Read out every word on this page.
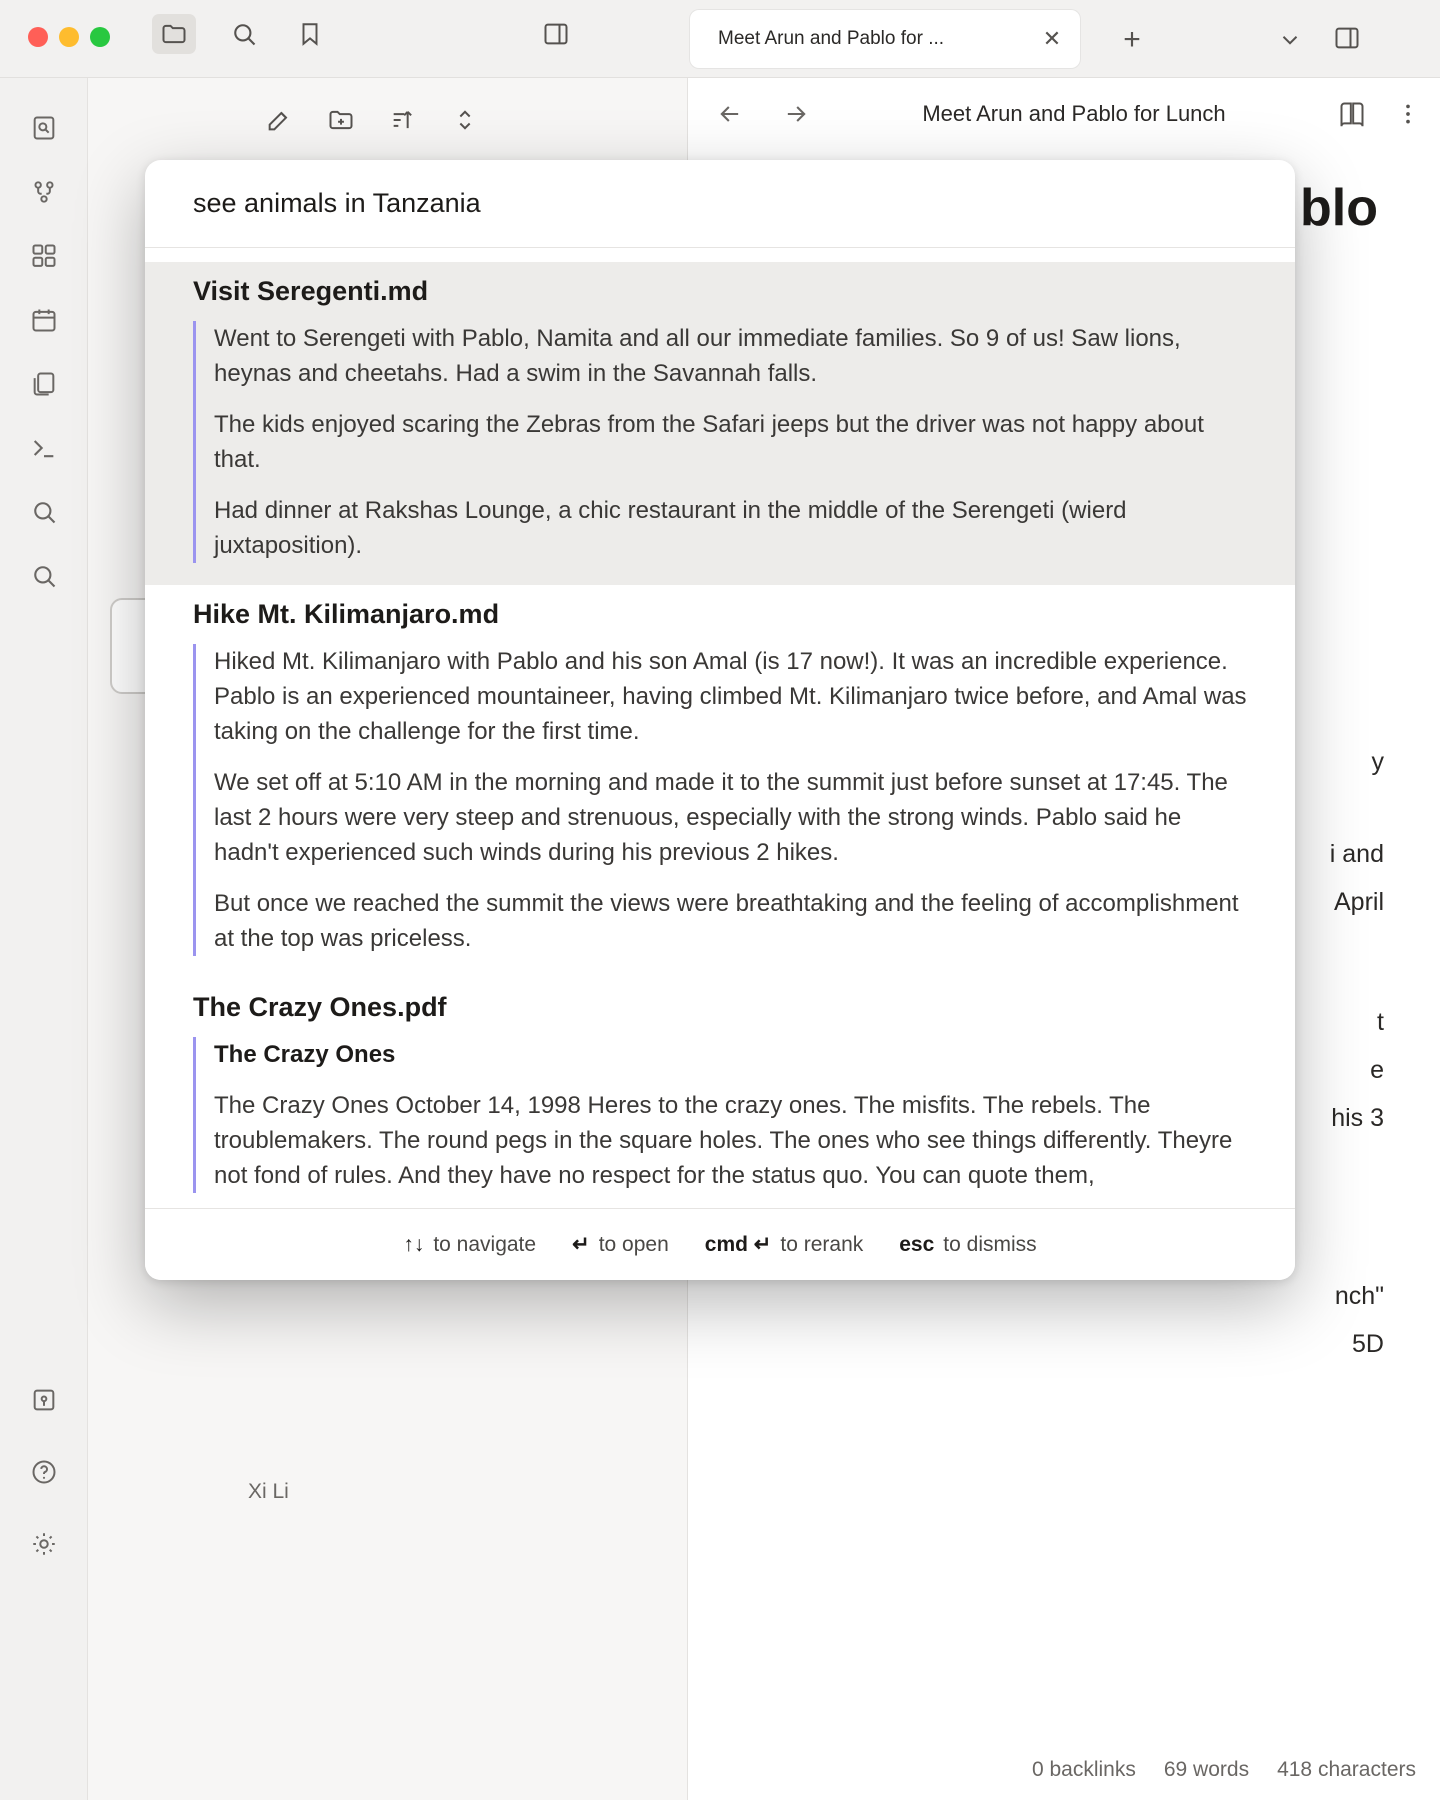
Meet Arun and Pablo for ...	✕	+
Xi Li
Meet Arun and Pablo for Lunch
blo
y
i and
April
t
e
his 3
nch"
5D
0 backlinks 69 words 418 characters
see animals in Tanzania
Visit Seregenti.md
Went to Serengeti with Pablo, Namita and all our immediate families. So 9 of us! Saw lions, heynas and cheetahs. Had a swim in the Savannah falls.
The kids enjoyed scaring the Zebras from the Safari jeeps but the driver was not happy about that.
Had dinner at Rakshas Lounge, a chic restaurant in the middle of the Serengeti (wierd juxtaposition).
Hike Mt. Kilimanjaro.md
Hiked Mt. Kilimanjaro with Pablo and his son Amal (is 17 now!). It was an incredible experience. Pablo is an experienced mountaineer, having climbed Mt. Kilimanjaro twice before, and Amal was taking on the challenge for the first time.
We set off at 5:10 AM in the morning and made it to the summit just before sunset at 17:45. The last 2 hours were very steep and strenuous, especially with the strong winds. Pablo said he hadn't experienced such winds during his previous 2 hikes.
But once we reached the summit the views were breathtaking and the feeling of accomplishment at the top was priceless.
The Crazy Ones.pdf
The Crazy Ones
The Crazy Ones October 14, 1998 Heres to the crazy ones. The misfits. The rebels. The troublemakers. The round pegs in the square holes. The ones who see things differently. Theyre not fond of rules. And they have no respect for the status quo. You can quote them,
↑↓ to navigate ↵ to open cmd ↵ to rerank esc to dismiss
